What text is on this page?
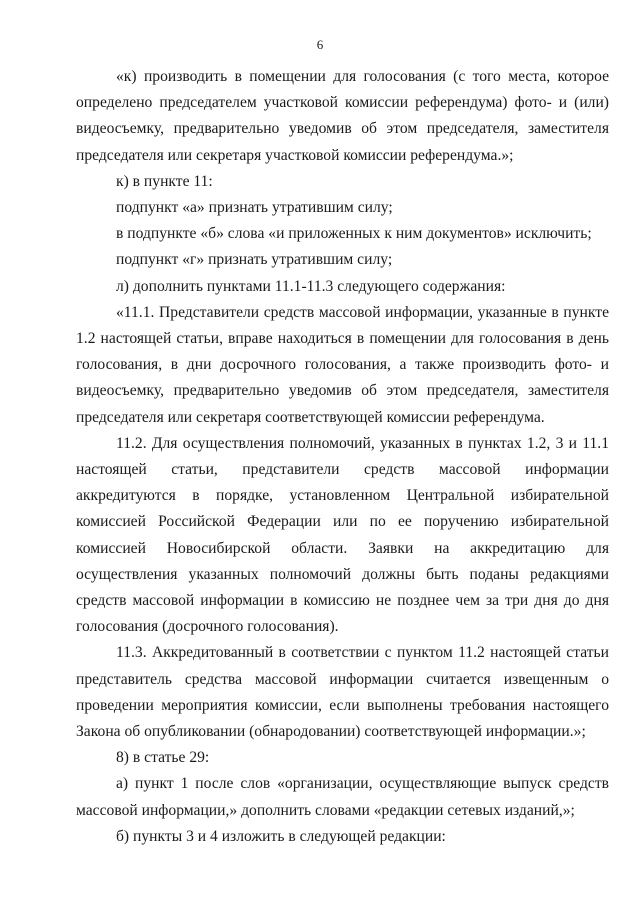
6

«к) производить в помещении для голосования (с того места, которое определено председателем участковой комиссии референдума) фото- и (или) видеосъемку, предварительно уведомив об этом председателя, заместителя председателя или секретаря участковой комиссии референдума.»;

к) в пункте 11:

подпункт «а» признать утратившим силу;

в подпункте «б» слова «и приложенных к ним документов» исключить;

подпункт «г» признать утратившим силу;

л) дополнить пунктами 11.1-11.3 следующего содержания:

«11.1. Представители средств массовой информации, указанные в пункте 1.2 настоящей статьи, вправе находиться в помещении для голосования в день голосования, в дни досрочного голосования, а также производить фото- и видеосъемку, предварительно уведомив об этом председателя, заместителя председателя или секретаря соответствующей комиссии референдума.

11.2. Для осуществления полномочий, указанных в пунктах 1.2, 3 и 11.1 настоящей статьи, представители средств массовой информации аккредитуются в порядке, установленном Центральной избирательной комиссией Российской Федерации или по ее поручению избирательной комиссией Новосибирской области. Заявки на аккредитацию для осуществления указанных полномочий должны быть поданы редакциями средств массовой информации в комиссию не позднее чем за три дня до дня голосования (досрочного голосования).

11.3. Аккредитованный в соответствии с пунктом 11.2 настоящей статьи представитель средства массовой информации считается извещенным о проведении мероприятия комиссии, если выполнены требования настоящего Закона об опубликовании (обнародовании) соответствующей информации.»;

8) в статье 29:

а) пункт 1 после слов «организации, осуществляющие выпуск средств массовой информации,» дополнить словами «редакции сетевых изданий,»;

б) пункты 3 и 4 изложить в следующей редакции:
